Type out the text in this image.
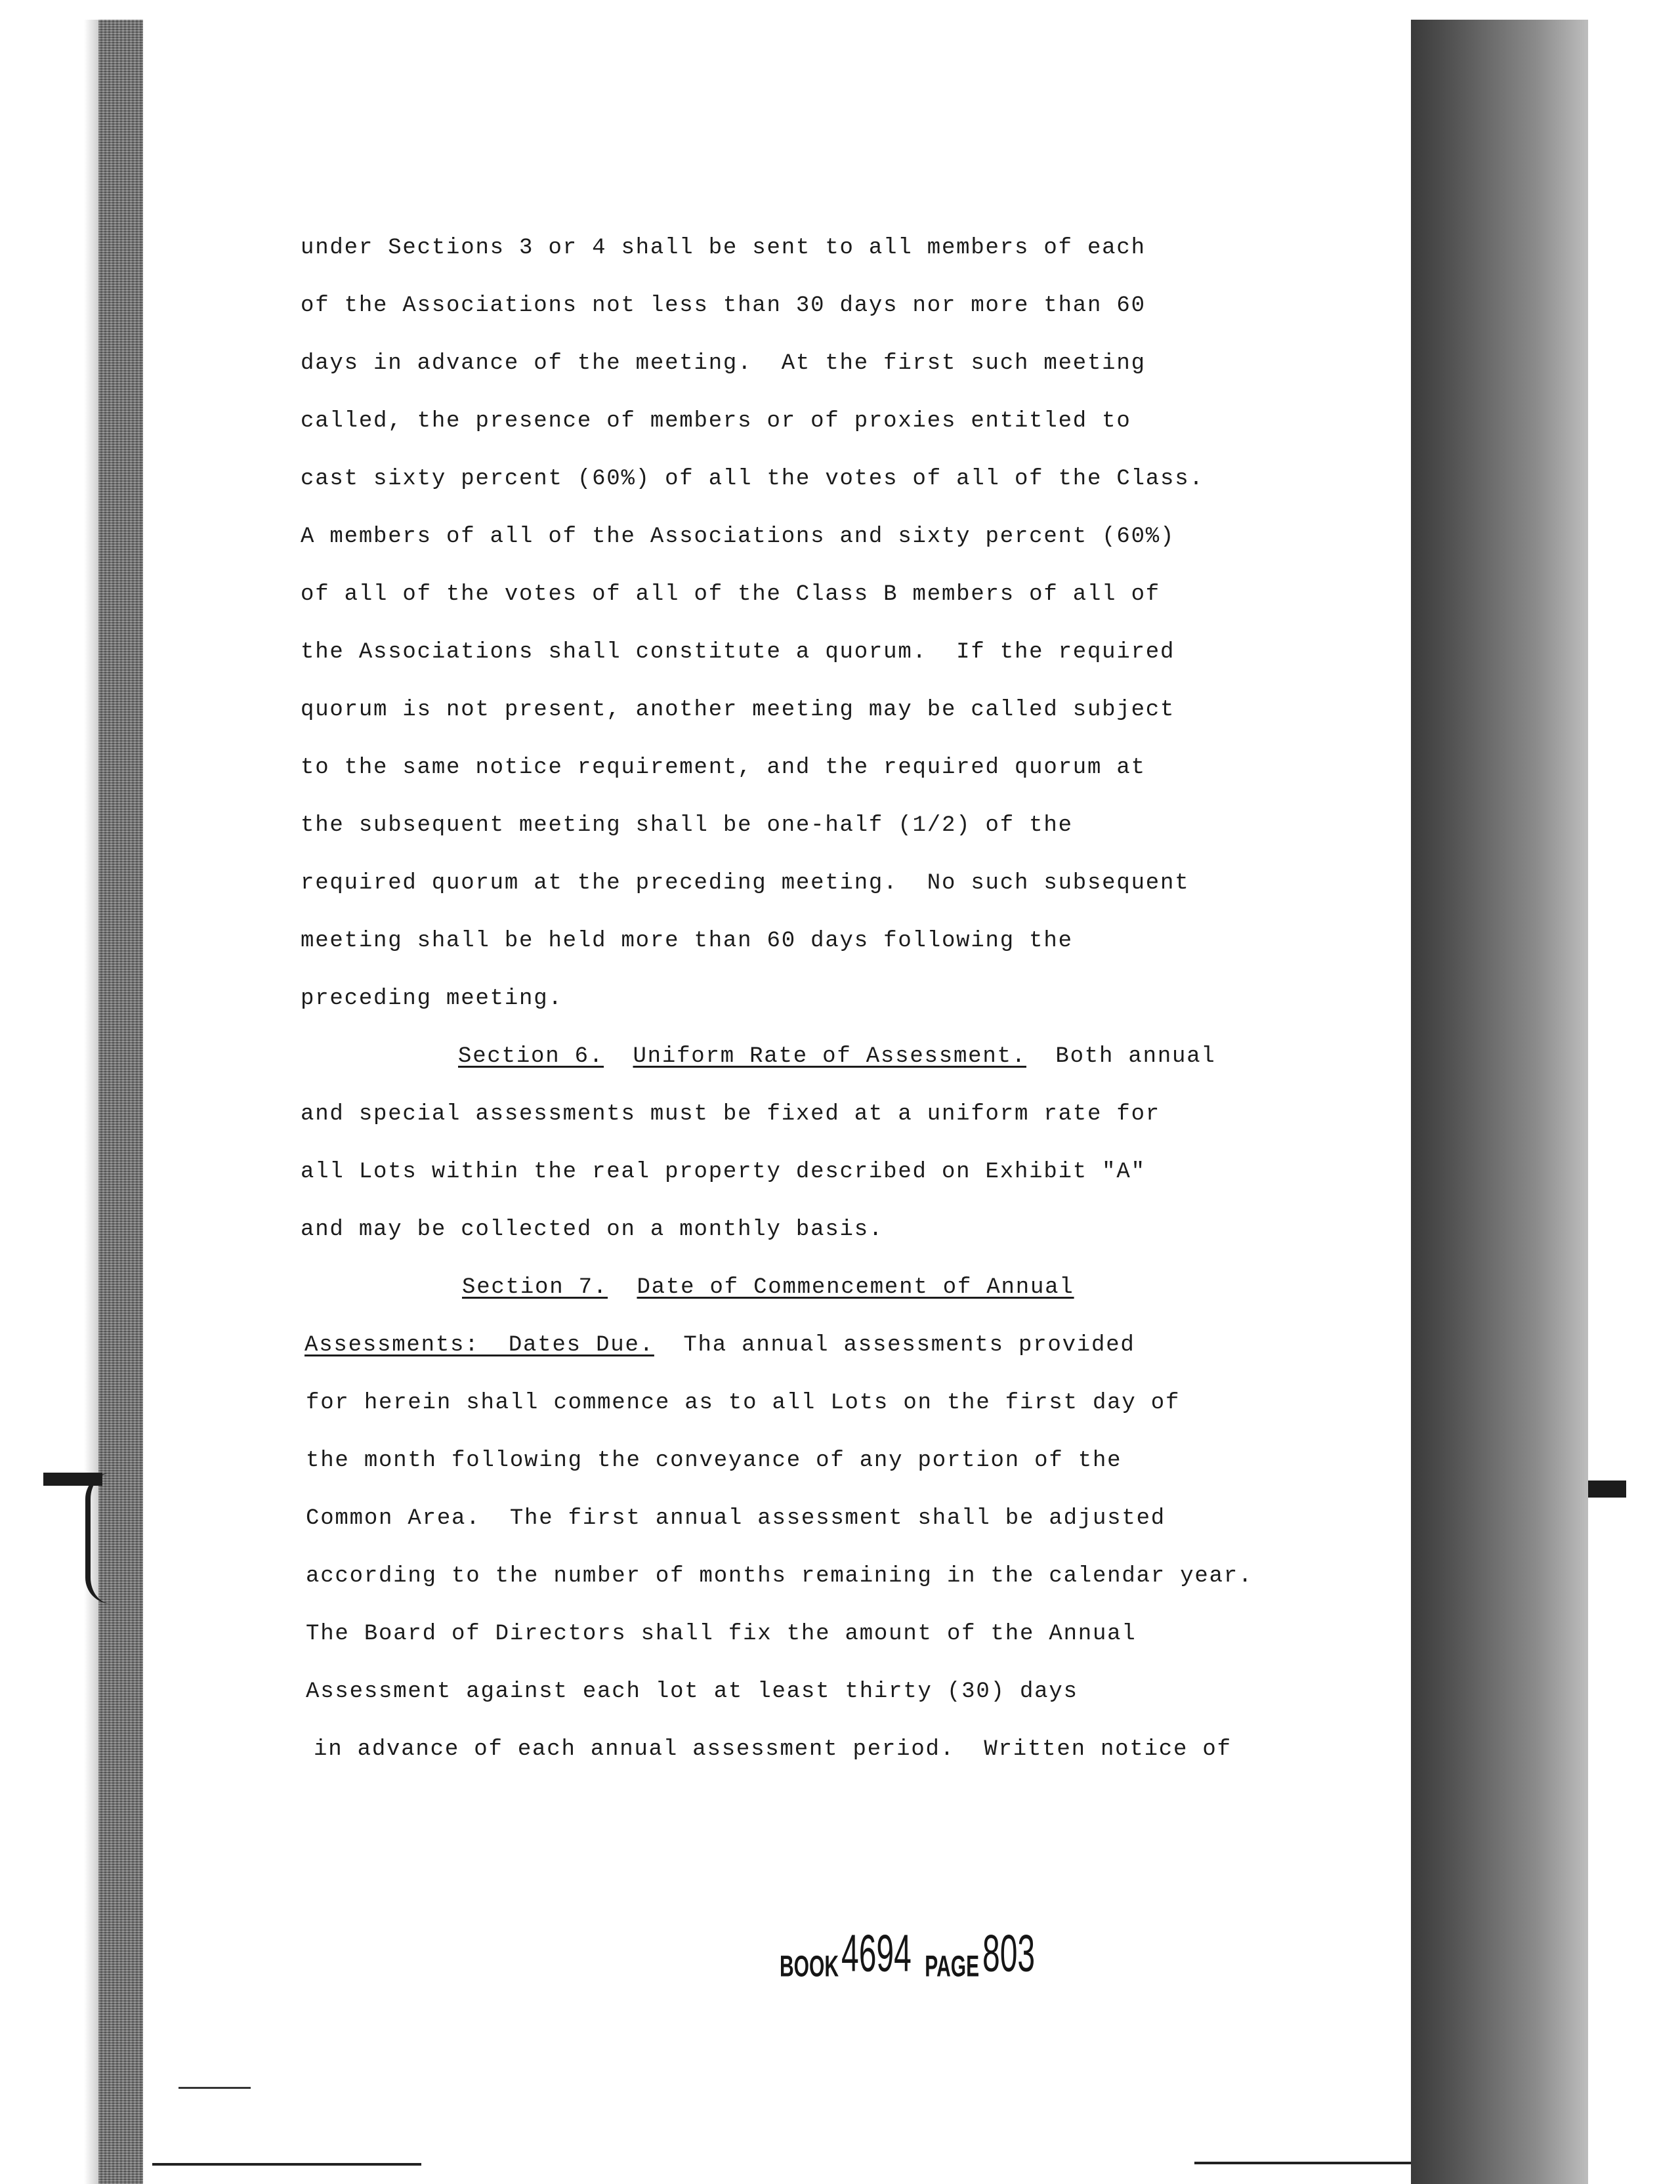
under Sections 3 or 4 shall be sent to all members of each
of the Associations not less than 30 days nor more than 60
days in advance of the meeting.  At the first such meeting
called, the presence of members or of proxies entitled to
cast sixty percent (60%) of all the votes of all of the Class.
A members of all of the Associations and sixty percent (60%)
of all of the votes of all of the Class B members of all of
the Associations shall constitute a quorum.  If the required
quorum is not present, another meeting may be called subject
to the same notice requirement, and the required quorum at
the subsequent meeting shall be one-half (1/2) of the
required quorum at the preceding meeting.  No such subsequent
meeting shall be held more than 60 days following the
preceding meeting.
Section 6. Uniform Rate of Assessment. Both annual
and special assessments must be fixed at a uniform rate for
all Lots within the real property described on Exhibit "A"
and may be collected on a monthly basis.
Section 7. Date of Commencement of Annual
Assessments:  Dates Due. Tha annual assessments provided
for herein shall commence as to all Lots on the first day of
the month following the conveyance of any portion of the
Common Area.  The first annual assessment shall be adjusted
according to the number of months remaining in the calendar year.
The Board of Directors shall fix the amount of the Annual
Assessment against each lot at least thirty (30) days
in advance of each annual assessment period.  Written notice of
BOOK 4694 PAGE 803
